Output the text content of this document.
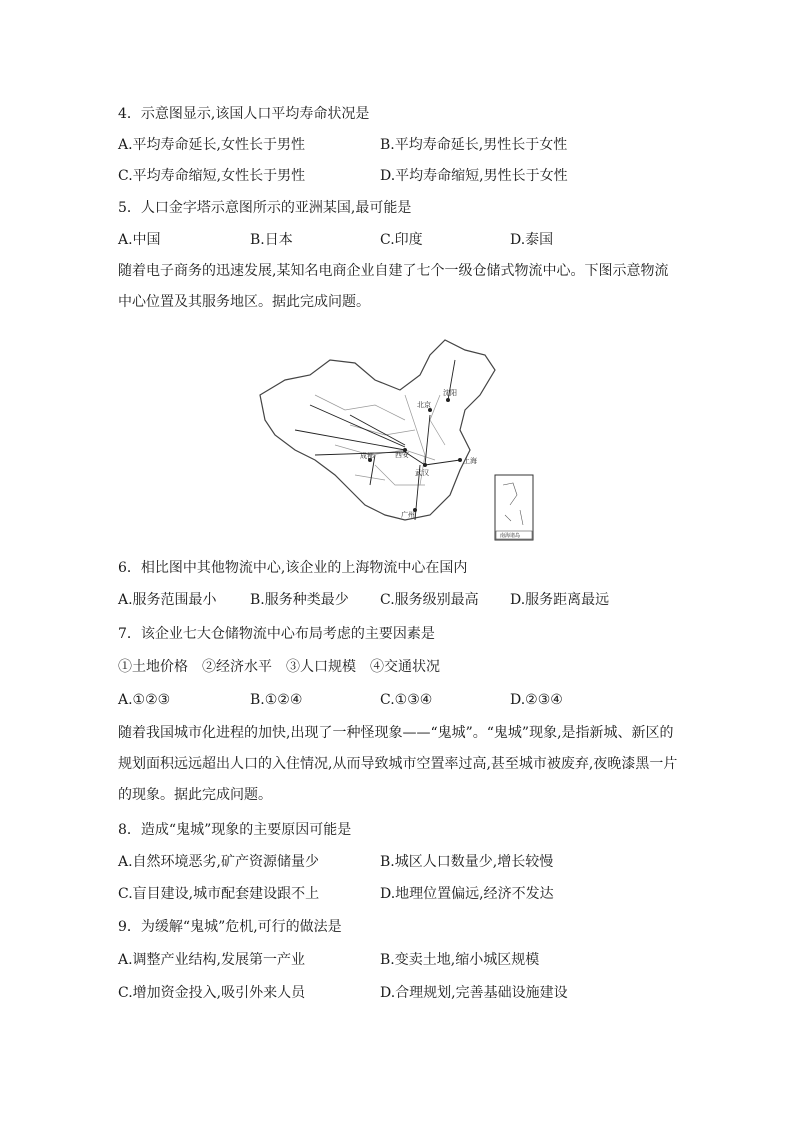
4．示意图显示,该国人口平均寿命状况是
A.平均寿命延长,女性长于男性	B.平均寿命延长,男性长于女性
C.平均寿命缩短,女性长于男性	D.平均寿命缩短,男性长于女性
5．人口金字塔示意图所示的亚洲某国,最可能是
A.中国	B.日本	C.印度	D.泰国
随着电子商务的迅速发展,某知名电商企业自建了七个一级仓储式物流中心。下图示意物流中心位置及其服务地区。据此完成问题。
北京
沈阳
成都	西安
武汉
上海
广州
南海诸岛
6．相比图中其他物流中心,该企业的上海物流中心在国内
A.服务范围最小 B.服务种类最少 C.服务级别最高 D.服务距离最远
7．该企业七大仓储物流中心布局考虑的主要因素是
①土地价格　②经济水平　③人口规模　④交通状况
A.①②③	B.①②④	C.①③④	D.②③④
随着我国城市化进程的加快,出现了一种怪现象——“鬼城”。“鬼城”现象,是指新城、新区的规划面积远远超出人口的入住情况,从而导致城市空置率过高,甚至城市被废弃,夜晚漆黑一片的现象。据此完成问题。
8．造成“鬼城”现象的主要原因可能是
A.自然环境恶劣,矿产资源储量少	B.城区人口数量少,增长较慢
C.盲目建设,城市配套建设跟不上	D.地理位置偏远,经济不发达
9．为缓解“鬼城”危机,可行的做法是
A.调整产业结构,发展第一产业	B.变卖土地,缩小城区规模
C.增加资金投入,吸引外来人员	D.合理规划,完善基础设施建设
